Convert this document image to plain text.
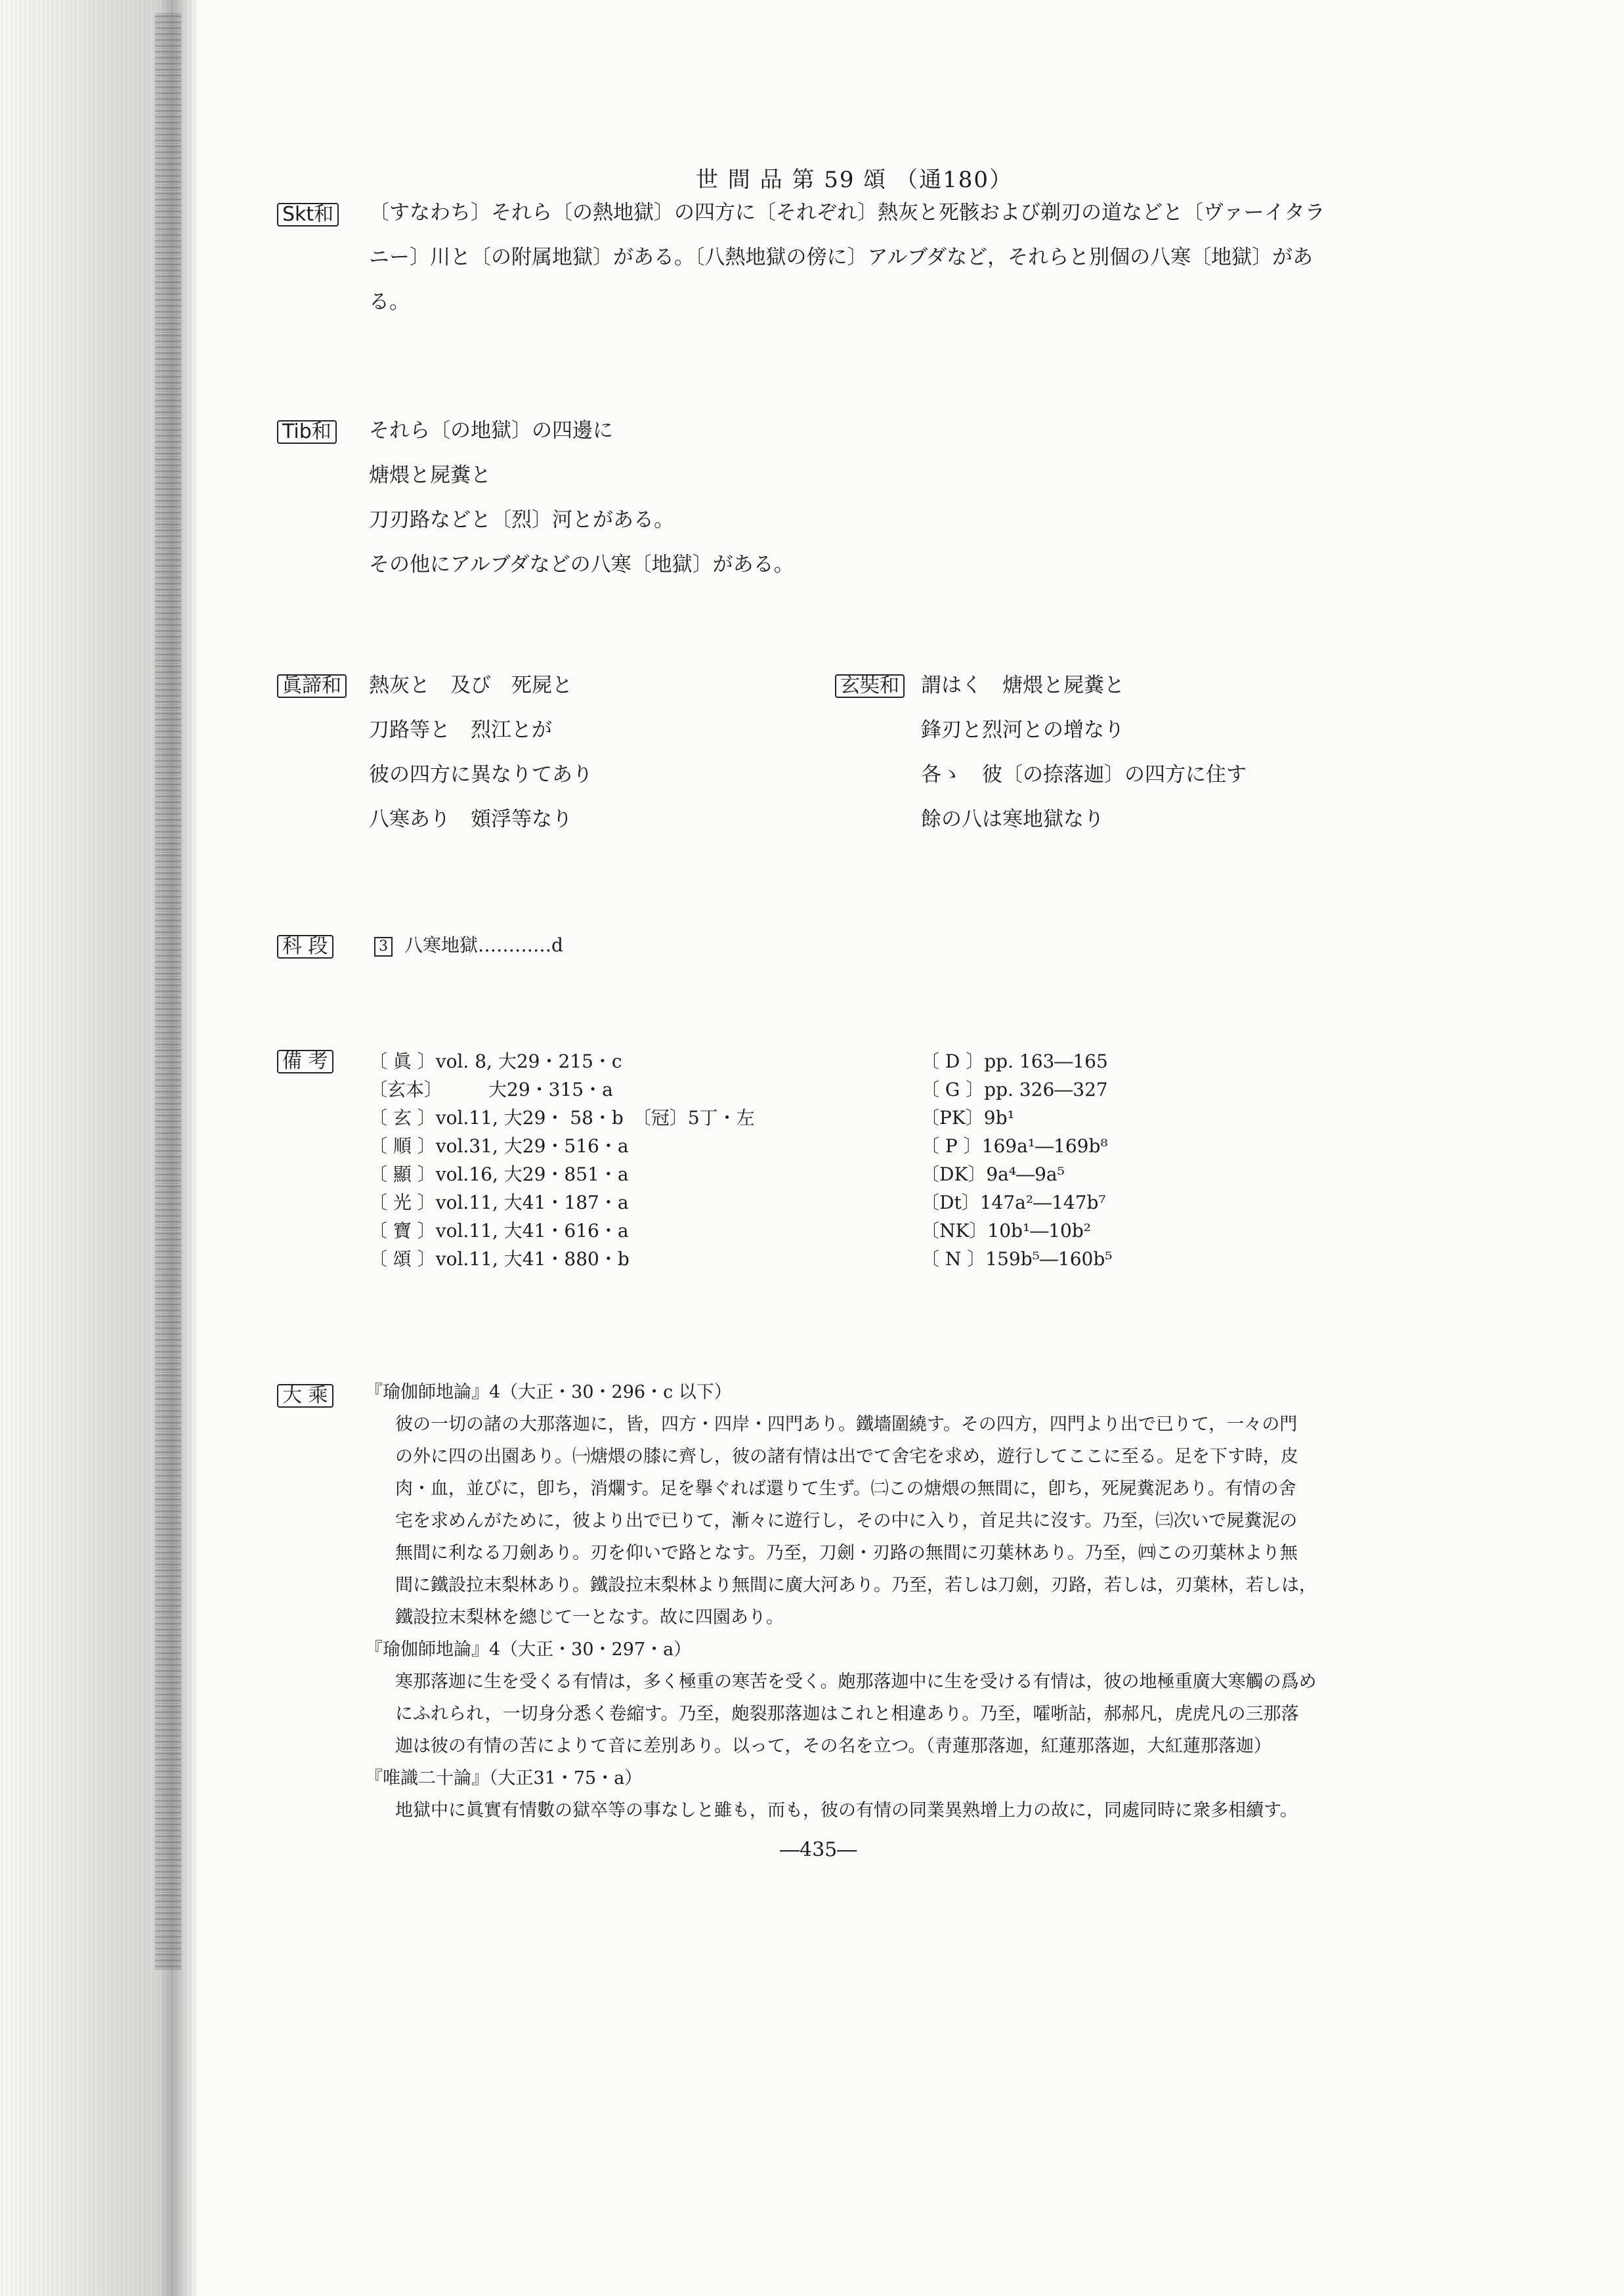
世 間 品 第 59 頌 （通180）
Skt和 〔すなわち〕それら〔の熱地獄〕の四方に〔それぞれ〕熱灰と死骸および剃刃の道などと〔ヴァーイタラ
ニー〕川と〔の附属地獄〕がある。〔八熱地獄の傍に〕アルブダなど，それらと別個の八寒〔地獄〕があ
る。
Tib和 それら〔の地獄〕の四邊に
煻煨と屍糞と
刀刃路などと〔烈〕河とがある。
その他にアルブダなどの八寒〔地獄〕がある。
眞諦和 熱灰と　及び　死屍と
刀路等と　烈江とが
彼の四方に異なりてあり
八寒あり　頞浮等なり
玄奘和 謂はく　煻煨と屍糞と
鋒刃と烈河との增なり
各ゝ　彼〔の捺落迦〕の四方に住す
餘の八は寒地獄なり
科 段	3 八寒地獄…………d
備 考 〔 眞 〕vol. 8, 大29・215・c
〔玄本〕　　　大29・315・a
〔 玄 〕vol.11, 大29・ 58・b　〔冠〕5丁・左
〔 順 〕vol.31, 大29・516・a
〔 顯 〕vol.16, 大29・851・a
〔 光 〕vol.11, 大41・187・a
〔 寶 〕vol.11, 大41・616・a
〔 頌 〕vol.11, 大41・880・b
〔 D 〕pp. 163―165
〔 G 〕pp. 326―327
〔PK〕9b¹
〔 P 〕169a¹―169b⁸
〔DK〕9a⁴―9a⁵
〔Dt〕147a²―147b⁷
〔NK〕10b¹―10b²
〔 N 〕159b⁵―160b⁵
大 乘 『瑜伽師地論』4（大正・30・296・c 以下）
彼の一切の諸の大那落迦に，皆，四方・四岸・四門あり。鐵墻圍繞す。その四方，四門より出で已りて，一々の門
の外に四の出園あり。㈠煻煨の膝に齊し，彼の諸有情は出でて舍宅を求め，遊行してここに至る。足を下す時，皮
肉・血，並びに，卽ち，消爛す。足を擧ぐれば還りて生ず。㈡この煻煨の無間に，卽ち，死屍糞泥あり。有情の舍
宅を求めんがために，彼より出で已りて，漸々に遊行し，その中に入り，首足共に沒す。乃至，㈢次いで屍糞泥の
無間に利なる刀劍あり。刃を仰いで路となす。乃至，刀劍・刃路の無間に刃葉林あり。乃至，㈣この刃葉林より無
間に鐵設拉末梨林あり。鐵設拉末梨林より無間に廣大河あり。乃至，若しは刀劍，刃路，若しは，刃葉林，若しは，
鐵設拉末梨林を總じて一となす。故に四園あり。
『瑜伽師地論』4（大正・30・297・a）
寒那落迦に生を受くる有情は，多く極重の寒苦を受く。皰那落迦中に生を受ける有情は，彼の地極重廣大寒觸の爲め
にふれられ，一切身分悉く卷縮す。乃至，皰裂那落迦はこれと相違あり。乃至，嚯哳詀，郝郝凡，虎虎凡の三那落
迦は彼の有情の苦によりて音に差別あり。以って，その名を立つ。（靑蓮那落迦，紅蓮那落迦，大紅蓮那落迦）
『唯識二十論』（大正31・75・a）
地獄中に眞實有情數の獄卒等の事なしと雖も，而も，彼の有情の同業異熟增上力の故に，同處同時に衆多相續す。
―435―
